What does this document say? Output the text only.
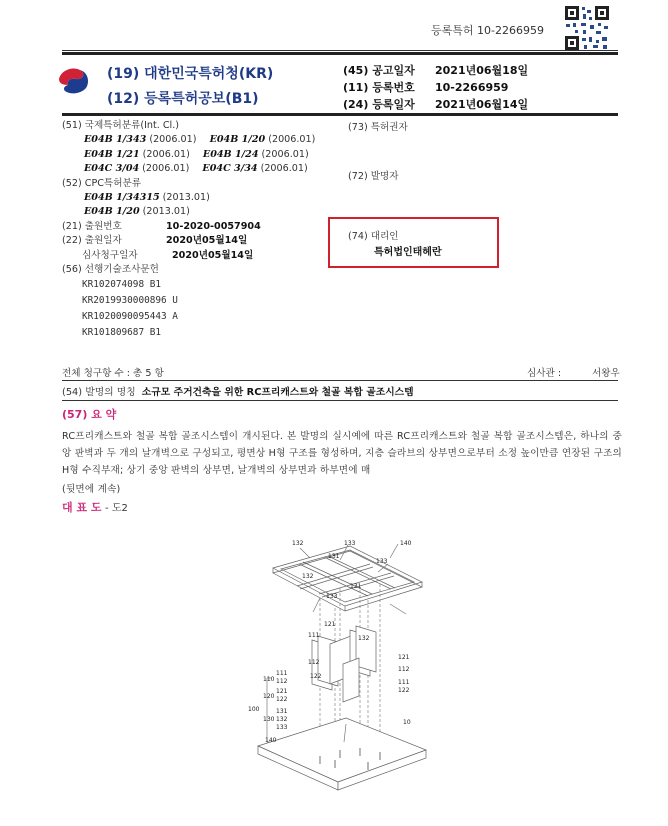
등록특허 10-2266959
(19) 대한민국특허청(KR)
(12) 등록특허공보(B1)
(45) 공고일자 2021년06월18일
(11) 등록번호 10-2266959
(24) 등록일자 2021년06월14일
(51) 국제특허분류(Int. Cl.)
E04B 1/343 (2006.01) E04B 1/20 (2006.01)
E04B 1/21 (2006.01) E04B 1/24 (2006.01)
E04C 3/04 (2006.01) E04C 3/34 (2006.01)
(52) CPC특허분류
E04B 1/34315 (2013.01)
E04B 1/20 (2013.01)
(21) 출원번호	10-2020-0057904
(22) 출원일자	2020년05월14일
심사청구일자	2020년05월14일
(56) 선행기술조사문헌
KR102074098 B1
KR2019930000896 U
KR1020090095443 A
KR101809687 B1
(73) 특허권자
(72) 발명자
(74) 대리인
특허법인태헤란
전체 청구항 수 : 총 5 항	심사관 :	서왕우
(54) 발명의 명칭 소규모 주거건축을 위한 RC프리캐스트와 철골 복합 골조시스템
(57) 요 약
RC프리캐스트와 철골 복합 골조시스템이 개시된다. 본 발명의 실시예에 따른 RC프리캐스트와 철골 복합 골조시스템은, 하나의 중앙 판벽과 두 개의 날개벽으로 구성되고, 평면상 H형 구조를 형성하며, 지층 슬라브의 상부면으로부터 소정 높이만큼 연장된 구조의 H형 수직부재; 상기 중앙 판벽의 상부면, 날개벽의 상부면과 하부면에 매
(뒷면에 계속)
대 표 도 - 도2
132	133	140
131
133
131
132
133
121
111
112
122
132
121
112
111
122
110
111
112
120
121
122
100	131
130 132
133
140
10
